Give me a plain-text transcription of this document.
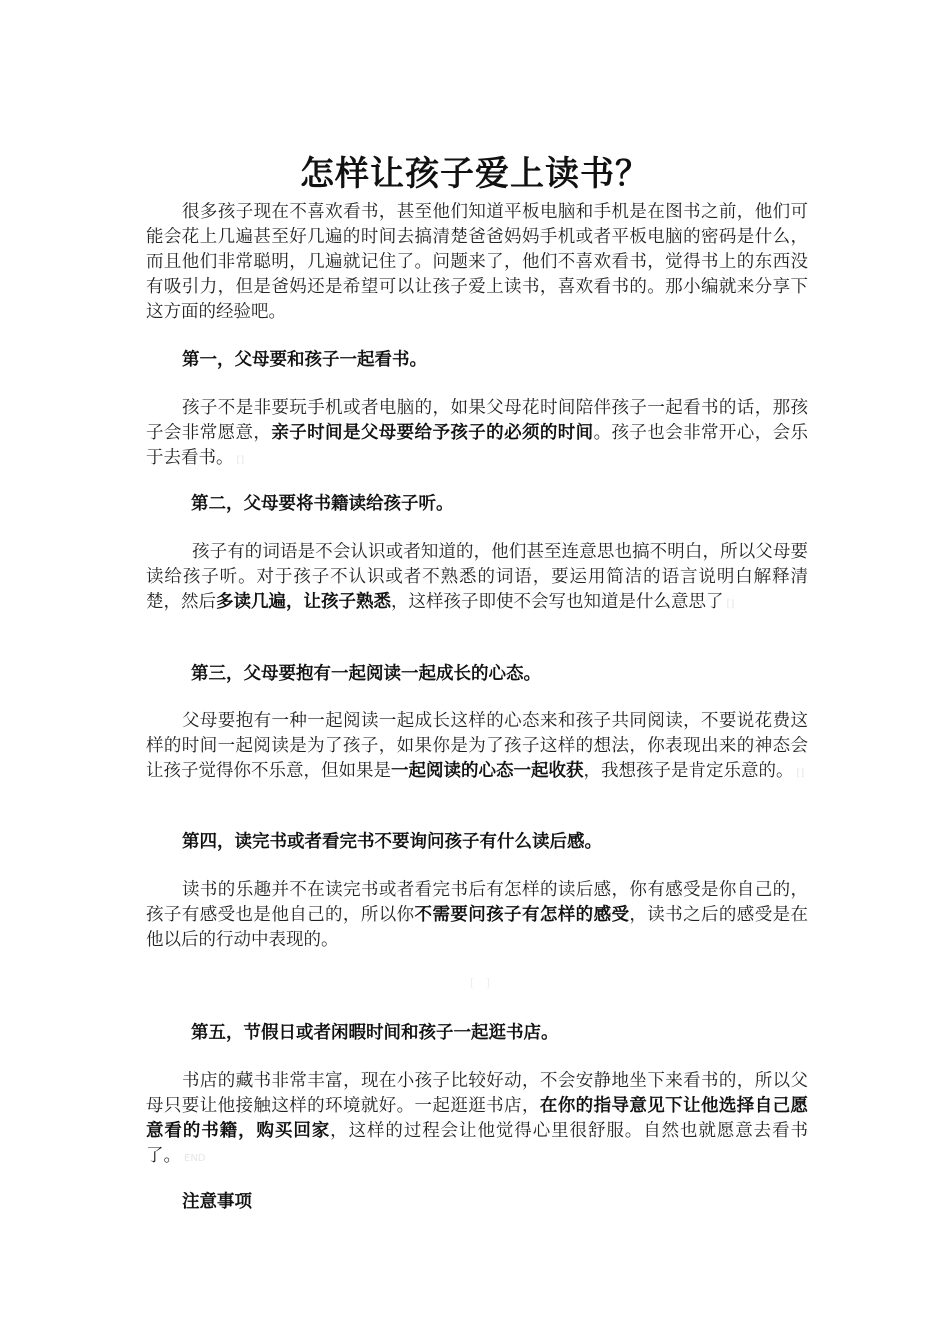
怎样让孩子爱上读书？

很多孩子现在不喜欢看书，甚至他们知道平板电脑和手机是在图书之前，他们可能会花上几遍甚至好几遍的时间去搞清楚爸爸妈妈手机或者平板电脑的密码是什么，而且他们非常聪明，几遍就记住了。问题来了，他们不喜欢看书，觉得书上的东西没有吸引力，但是爸妈还是希望可以让孩子爱上读书，喜欢看书的。那小编就来分享下这方面的经验吧。

第一，父母要和孩子一起看书。

孩子不是非要玩手机或者电脑的，如果父母花时间陪伴孩子一起看书的话，那孩子会非常愿意，亲子时间是父母要给予孩子的必须的时间。孩子也会非常开心，会乐于去看书。 []

第二，父母要将书籍读给孩子听。

孩子有的词语是不会认识或者知道的，他们甚至连意思也搞不明白，所以父母要读给孩子听。对于孩子不认识或者不熟悉的词语，要运用简洁的语言说明白解释清楚，然后多读几遍，让孩子熟悉，这样孩子即使不会写也知道是什么意思了 []

第三，父母要抱有一起阅读一起成长的心态。

父母要抱有一种一起阅读一起成长这样的心态来和孩子共同阅读，不要说花费这样的时间一起阅读是为了孩子，如果你是为了孩子这样的想法，你表现出来的神态会让孩子觉得你不乐意，但如果是一起阅读的心态一起收获，我想孩子是肯定乐意的。 []

第四，读完书或者看完书不要询问孩子有什么读后感。

读书的乐趣并不在读完书或者看完书后有怎样的读后感，你有感受是你自己的，孩子有感受也是他自己的，所以你不需要问孩子有怎样的感受，读书之后的感受是在他以后的行动中表现的。

[ ]

第五，节假日或者闲暇时间和孩子一起逛书店。

书店的藏书非常丰富，现在小孩子比较好动，不会安静地坐下来看书的，所以父母只要让他接触这样的环境就好。一起逛逛书店，在你的指导意见下让他选择自己愿意看的书籍，购买回家，这样的过程会让他觉得心里很舒服。自然也就愿意去看书了。 END

注意事项
